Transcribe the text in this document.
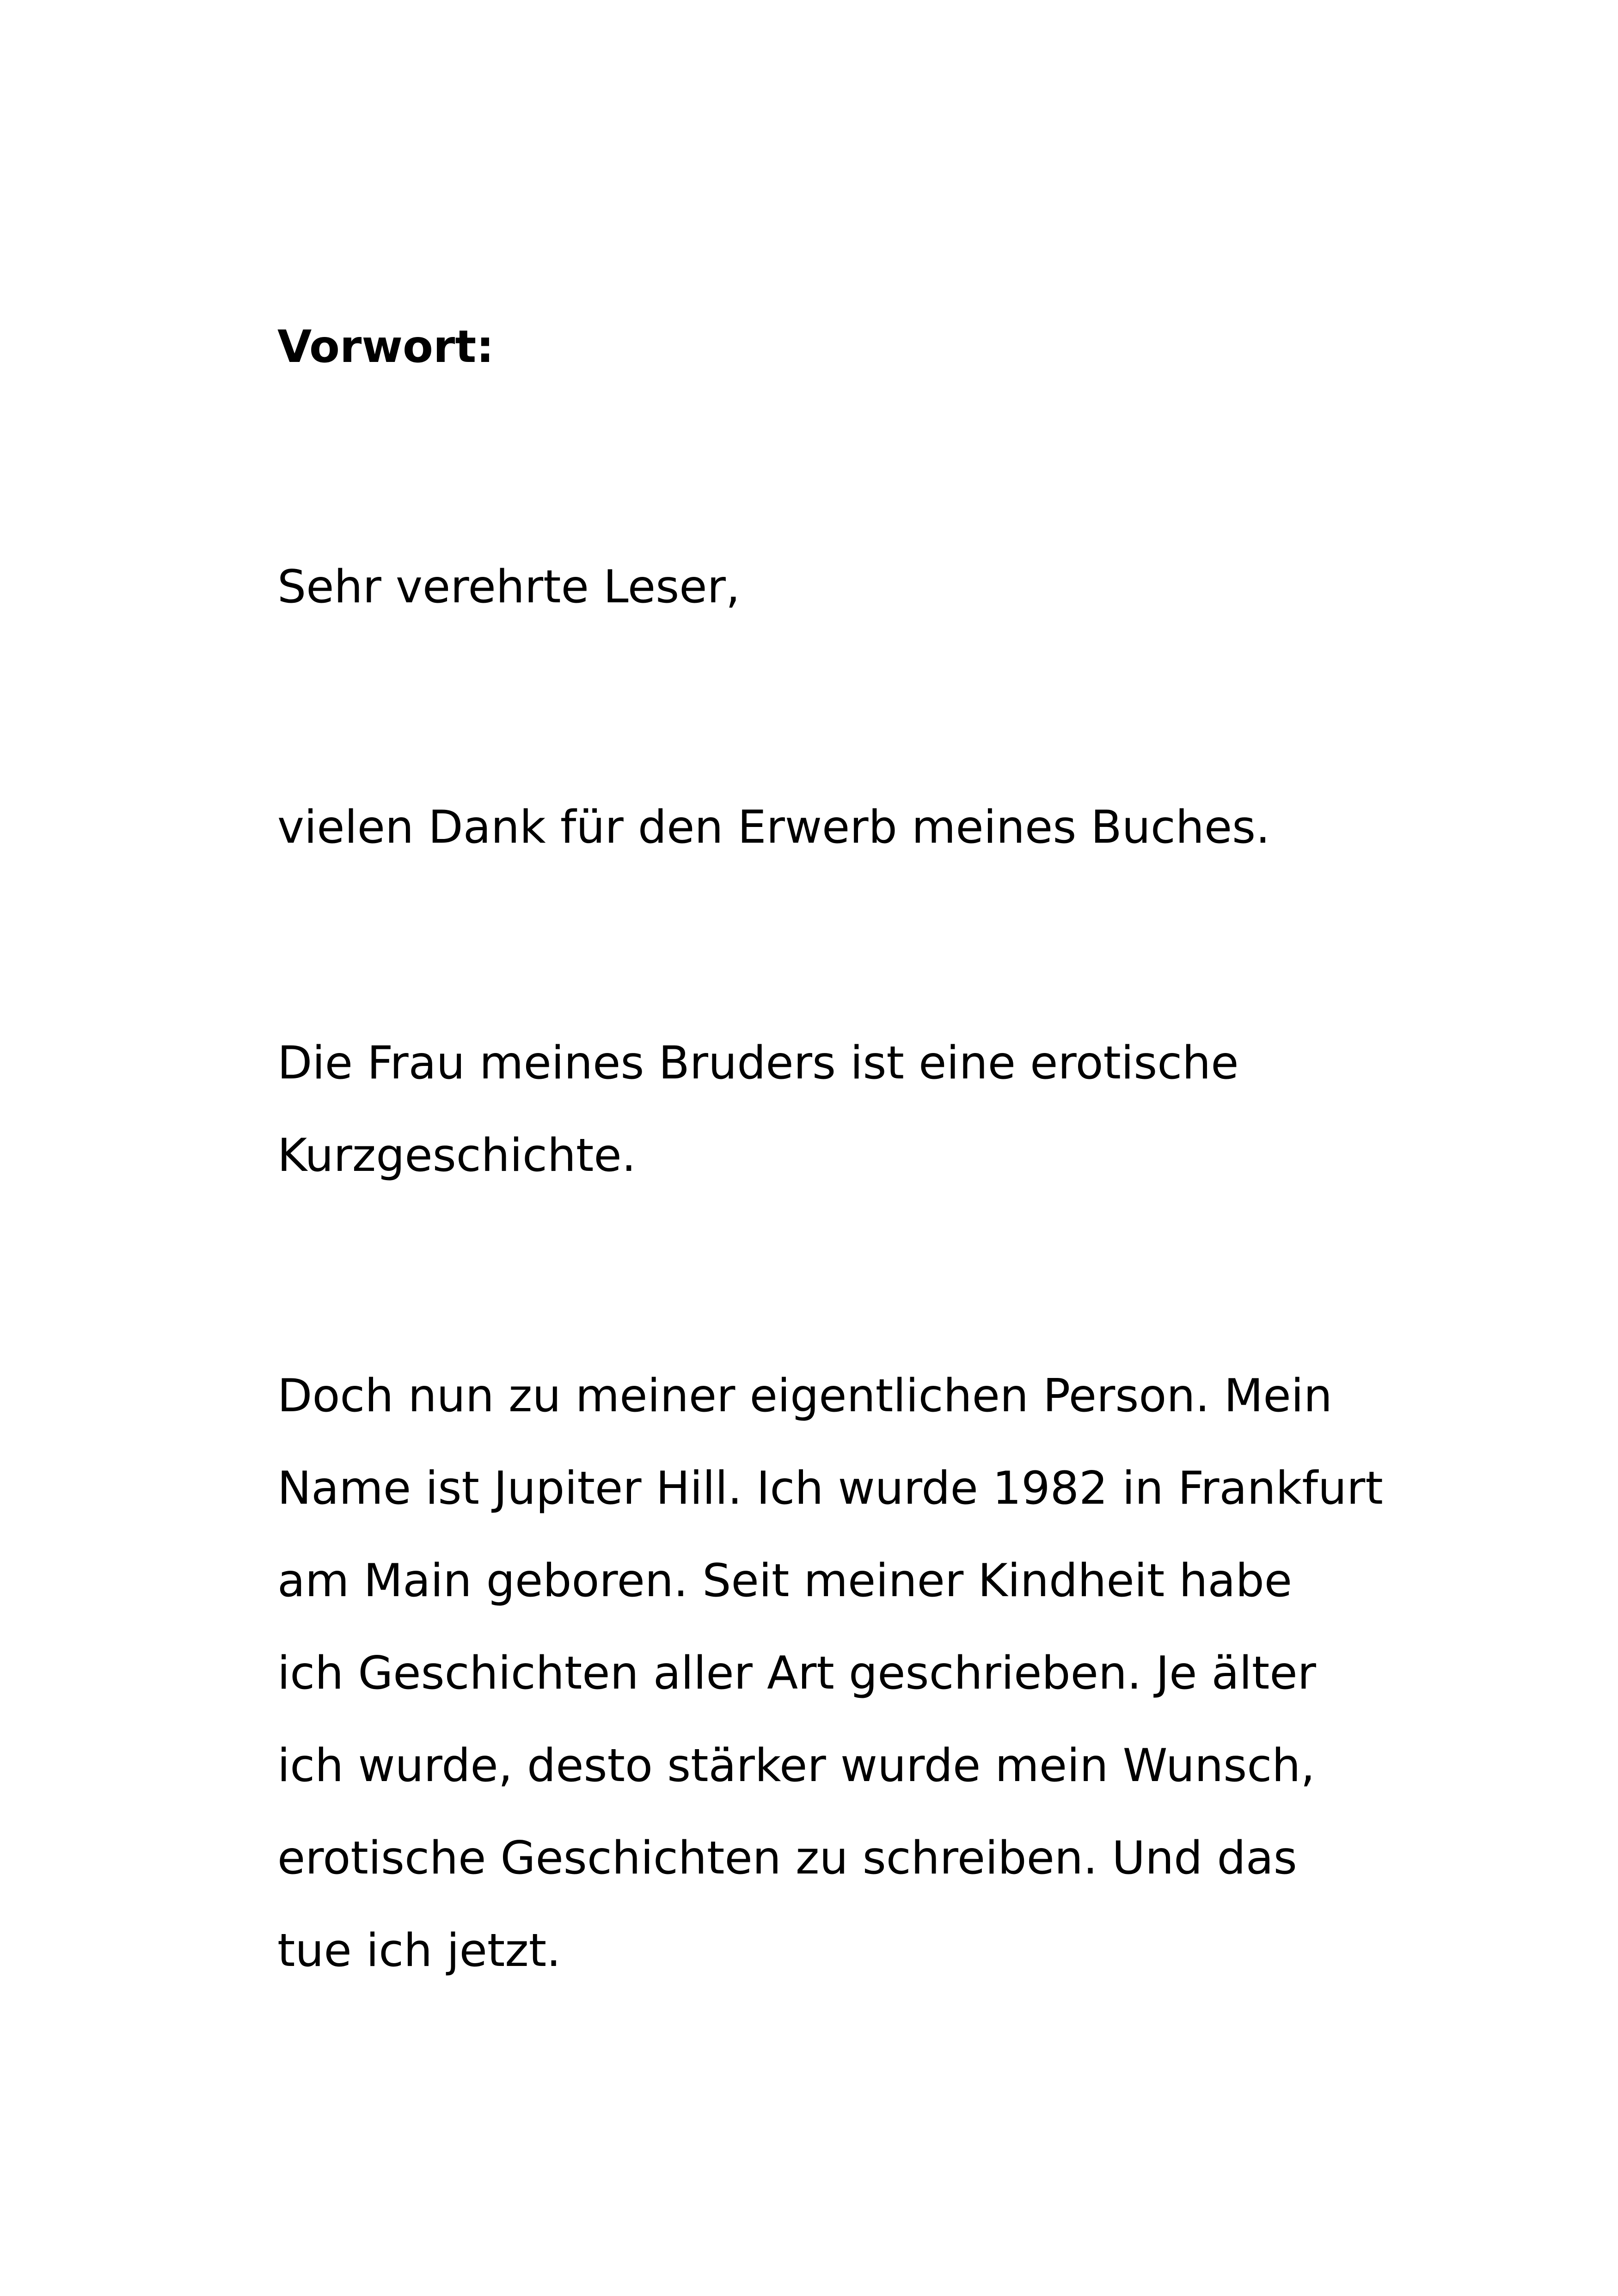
Vorwort:

Sehr verehrte Leser,

vielen Dank für den Erwerb meines Buches.

Die Frau meines Bruders ist eine erotische
Kurzgeschichte.

Doch nun zu meiner eigentlichen Person. Mein
Name ist Jupiter Hill. Ich wurde 1982 in Frankfurt
am Main geboren. Seit meiner Kindheit habe
ich Geschichten aller Art geschrieben. Je älter
ich wurde, desto stärker wurde mein Wunsch,
erotische Geschichten zu schreiben. Und das
tue ich jetzt.
